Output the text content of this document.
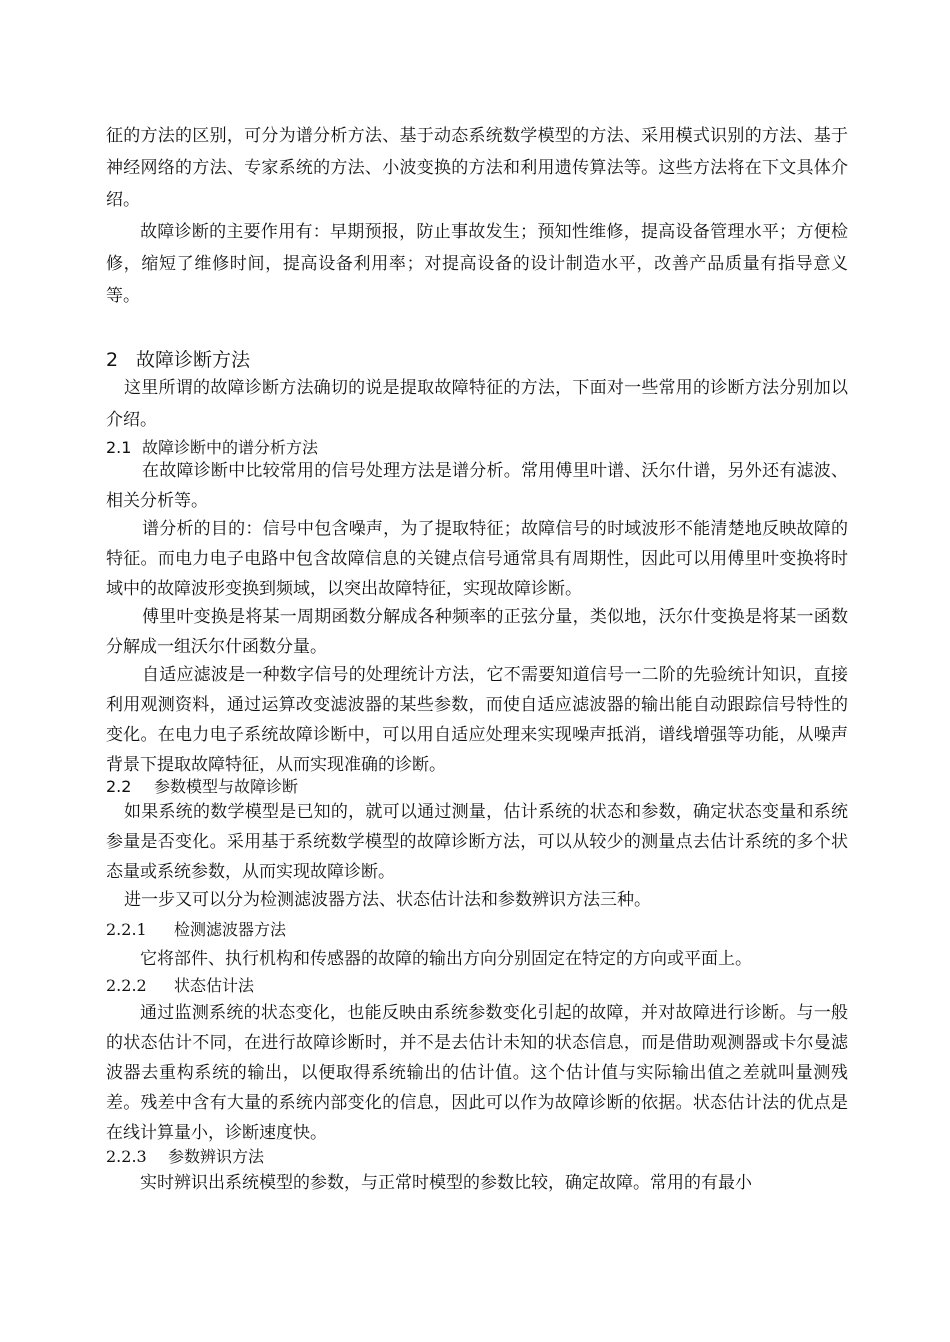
征的方法的区别，可分为谱分析方法、基于动态系统数学模型的方法、采用模式识别的方法、基于神经网络的方法、专家系统的方法、小波变换的方法和利用遗传算法等。这些方法将在下文具体介绍。
故障诊断的主要作用有：早期预报，防止事故发生；预知性维修，提高设备管理水平；方便检修，缩短了维修时间，提高设备利用率；对提高设备的设计制造水平，改善产品质量有指导意义等。
2 故障诊断方法
这里所谓的故障诊断方法确切的说是提取故障特征的方法，下面对一些常用的诊断方法分别加以介绍。
2.1 故障诊断中的谱分析方法
在故障诊断中比较常用的信号处理方法是谱分析。常用傅里叶谱、沃尔什谱，另外还有滤波、相关分析等。
谱分析的目的：信号中包含噪声，为了提取特征；故障信号的时域波形不能清楚地反映故障的特征。而电力电子电路中包含故障信息的关键点信号通常具有周期性，因此可以用傅里叶变换将时域中的故障波形变换到频域，以突出故障特征，实现故障诊断。
傅里叶变换是将某一周期函数分解成各种频率的正弦分量，类似地，沃尔什变换是将某一函数分解成一组沃尔什函数分量。
自适应滤波是一种数字信号的处理统计方法，它不需要知道信号一二阶的先验统计知识，直接利用观测资料，通过运算改变滤波器的某些参数，而使自适应滤波器的输出能自动跟踪信号特性的变化。在电力电子系统故障诊断中，可以用自适应处理来实现噪声抵消，谱线增强等功能，从噪声背景下提取故障特征，从而实现准确的诊断。
2.2 参数模型与故障诊断
如果系统的数学模型是已知的，就可以通过测量，估计系统的状态和参数，确定状态变量和系统参量是否变化。采用基于系统数学模型的故障诊断方法，可以从较少的测量点去估计系统的多个状态量或系统参数，从而实现故障诊断。
进一步又可以分为检测滤波器方法、状态估计法和参数辨识方法三种。
2.2.1 检测滤波器方法
它将部件、执行机构和传感器的故障的输出方向分别固定在特定的方向或平面上。
2.2.2 状态估计法
通过监测系统的状态变化，也能反映由系统参数变化引起的故障，并对故障进行诊断。与一般的状态估计不同，在进行故障诊断时，并不是去估计未知的状态信息，而是借助观测器或卡尔曼滤波器去重构系统的输出，以便取得系统输出的估计值。这个估计值与实际输出值之差就叫量测残差。残差中含有大量的系统内部变化的信息，因此可以作为故障诊断的依据。状态估计法的优点是在线计算量小，诊断速度快。
2.2.3 参数辨识方法
实时辨识出系统模型的参数，与正常时模型的参数比较，确定故障。常用的有最小
